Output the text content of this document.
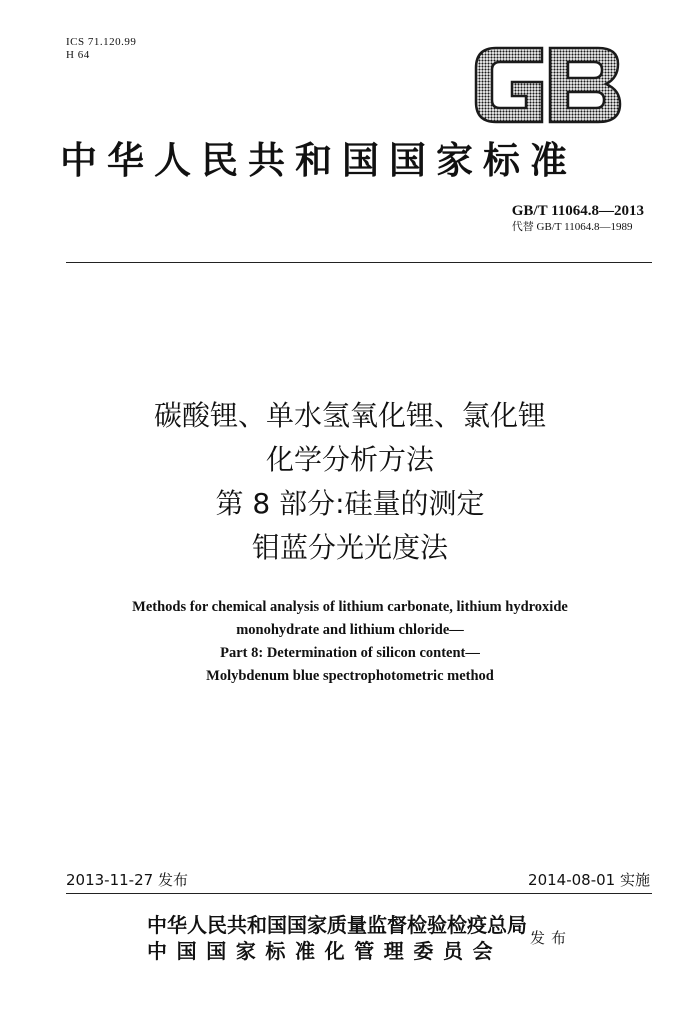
ICS 71.120.99
H 64
中华人民共和国国家标准
GB/T 11064.8—2013
代替 GB/T 11064.8—1989
碳酸锂、单水氢氧化锂、氯化锂
化学分析方法
第 8 部分:硅量的测定
钼蓝分光光度法
Methods for chemical analysis of lithium carbonate, lithium hydroxide
monohydrate and lithium chloride—
Part 8: Determination of silicon content—
Molybdenum blue spectrophotometric method
2013-11-27 发布	2014-08-01 实施
中华人民共和国国家质量监督检验检疫总局
中国国家标准化管理委员会
发布
